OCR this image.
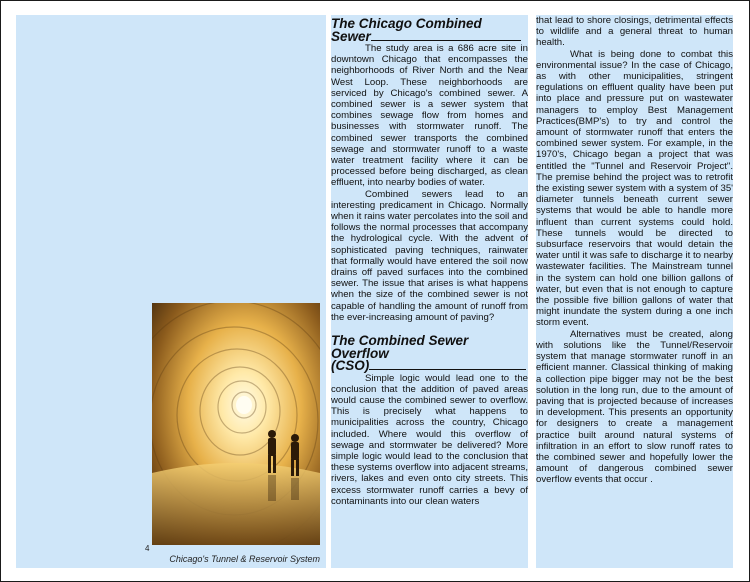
4
Chicago's Tunnel & Reservoir System
The Chicago Combined
Sewer

The study area is a 686 acre site in downtown Chicago that encompasses the neighborhoods of River North and the Near West Loop. These neighborhoods are serviced by Chicago's combined sewer. A combined sewer is a sewer system that combines sewage flow from homes and businesses with stormwater runoff. The combined sewer transports the combined sewage and stormwater runoff to a waste water treatment facility where it can be processed before being discharged, as clean effluent, into nearby bodies of water.

Combined sewers lead to an interesting predicament in Chicago. Normally when it rains water percolates into the soil and follows the normal processes that accompany the hydrological cycle. With the advent of sophisticated paving techniques, rainwater that formally would have entered the soil now drains off paved surfaces into the combined sewer. The issue that arises is what happens when the size of the combined sewer is not capable of handling the amount of runoff from the ever-increasing amount of paving?

The Combined Sewer Overflow
(CSO)

Simple logic would lead one to the conclusion that the addition of paved areas would cause the combined sewer to overflow. This is precisely what happens to municipalities across the country, Chicago included. Where would this overflow of sewage and stormwater be delivered? More simple logic would lead to the conclusion that these systems overflow into adjacent streams, rivers, lakes and even onto city streets. This excess stormwater runoff carries a bevy of contaminants into our clean waters

that lead to shore closings, detrimental effects to wildlife and a general threat to human health.

What is being done to combat this environmental issue? In the case of Chicago, as with other municipalities, stringent regulations on effluent quality have been put into place and pressure put on wastewater managers to employ Best Management Practices(BMP's) to try and control the amount of stormwater runoff that enters the combined sewer system. For example, in the 1970's, Chicago began a project that was entitled the "Tunnel and Reservoir Project". The premise behind the project was to retrofit the existing sewer system with a system of 35' diameter tunnels beneath current sewer systems that would be able to handle more influent than current systems could hold. These tunnels would be directed to subsurface reservoirs that would detain the water until it was safe to discharge it to nearby wastewater facilities. The Mainstream tunnel in the system can hold one billion gallons of water, but even that is not enough to capture the possible five billion gallons of water that might inundate the system during a one inch storm event.

Alternatives must be created, along with solutions like the Tunnel/Reservoir system that manage stormwater runoff in an efficient manner. Classical thinking of making a collection pipe bigger may not be the best solution in the long run, due to the amount of paving that is projected because of increases in development. This presents an opportunity for designers to create a management practice built around natural systems of infiltration in an effort to slow runoff rates to the combined sewer and hopefully lower the amount of dangerous combined sewer overflow events that occur .
